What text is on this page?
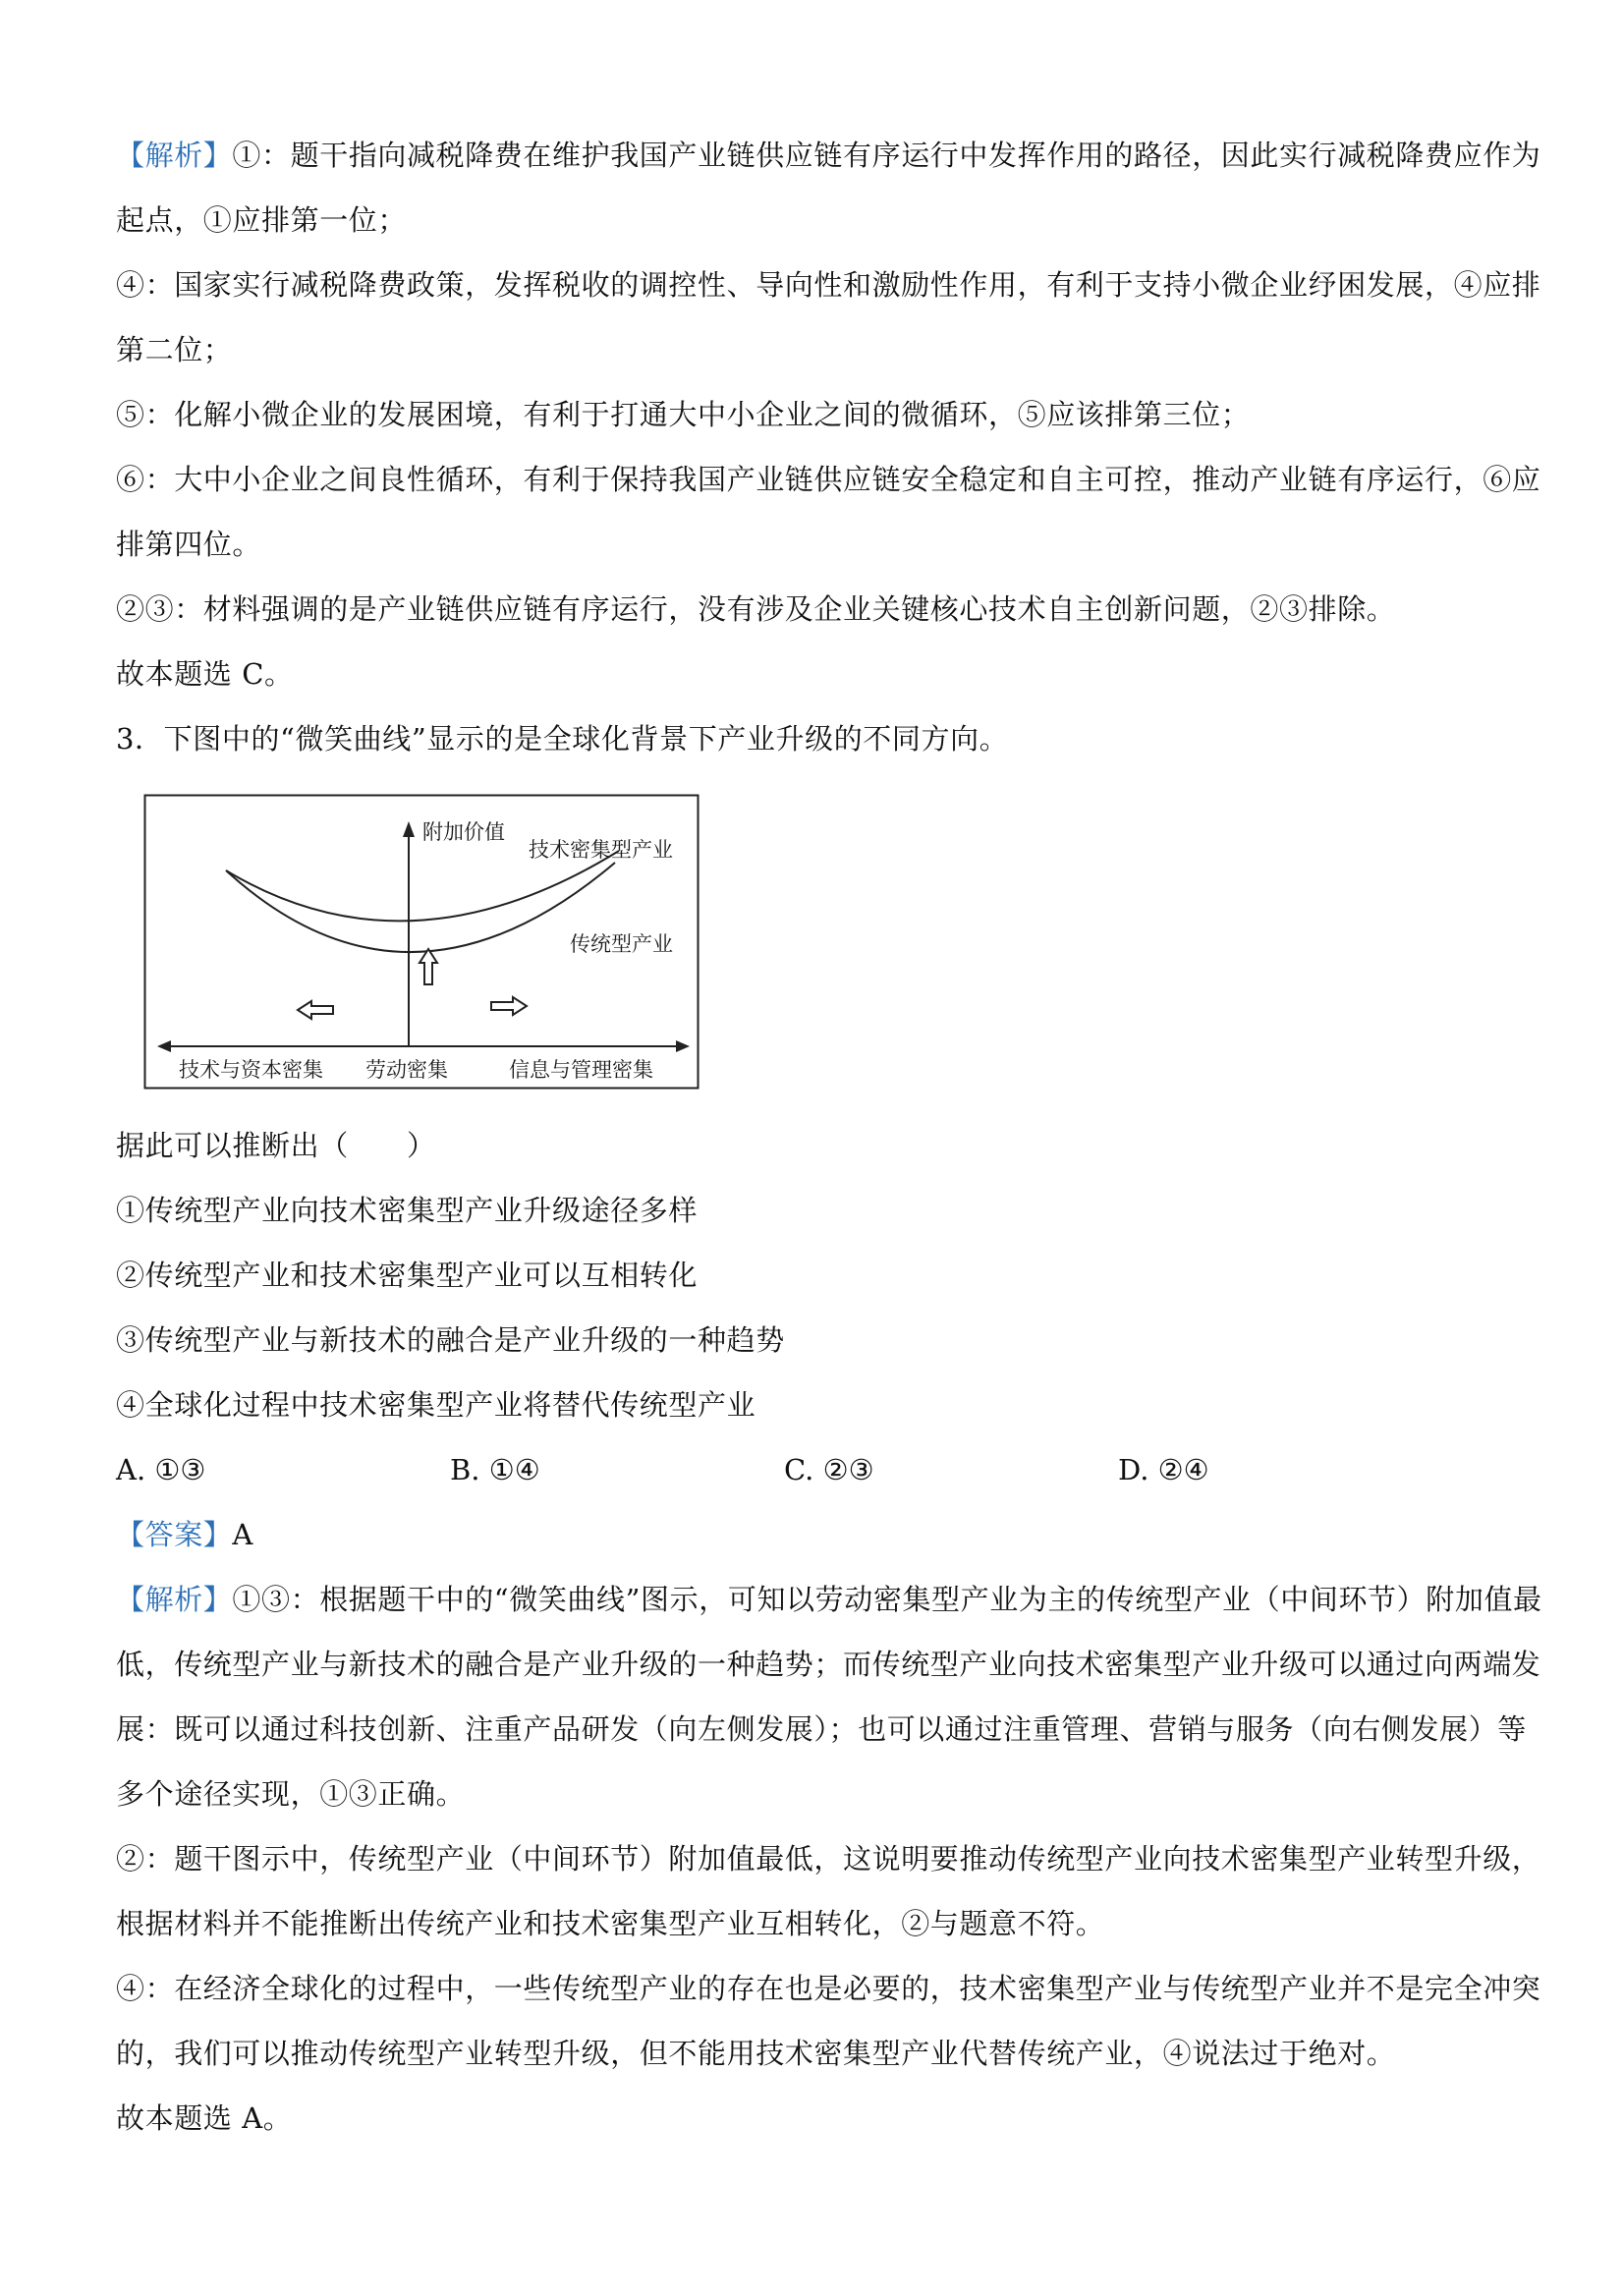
【解析】①：题干指向减税降费在维护我国产业链供应链有序运行中发挥作用的路径，因此实行减税降费应作为
起点，①应排第一位；
④：国家实行减税降费政策，发挥税收的调控性、导向性和激励性作用，有利于支持小微企业纾困发展，④应排
第二位；
⑤：化解小微企业的发展困境，有利于打通大中小企业之间的微循环，⑤应该排第三位；
⑥：大中小企业之间良性循环，有利于保持我国产业链供应链安全稳定和自主可控，推动产业链有序运行，⑥应
排第四位。
②③：材料强调的是产业链供应链有序运行，没有涉及企业关键核心技术自主创新问题，②③排除。
故本题选 C。
3．下图中的“微笑曲线”显示的是全球化背景下产业升级的不同方向。
附加价值
技术密集型产业
传统型产业
技术与资本密集 劳动密集	信息与管理密集
据此可以推断出（　　）
①传统型产业向技术密集型产业升级途径多样
②传统型产业和技术密集型产业可以互相转化
③传统型产业与新技术的融合是产业升级的一种趋势
④全球化过程中技术密集型产业将替代传统型产业
A. ①③	B. ①④	C. ②③	D. ②④
【答案】A
【解析】①③：根据题干中的“微笑曲线”图示，可知以劳动密集型产业为主的传统型产业（中间环节）附加值最
低，传统型产业与新技术的融合是产业升级的一种趋势；而传统型产业向技术密集型产业升级可以通过向两端发
展：既可以通过科技创新、注重产品研发（向左侧发展）；也可以通过注重管理、营销与服务（向右侧发展）等
多个途径实现，①③正确。
②：题干图示中，传统型产业（中间环节）附加值最低，这说明要推动传统型产业向技术密集型产业转型升级，
根据材料并不能推断出传统产业和技术密集型产业互相转化，②与题意不符。
④：在经济全球化的过程中，一些传统型产业的存在也是必要的，技术密集型产业与传统型产业并不是完全冲突
的，我们可以推动传统型产业转型升级，但不能用技术密集型产业代替传统产业，④说法过于绝对。
故本题选 A。
